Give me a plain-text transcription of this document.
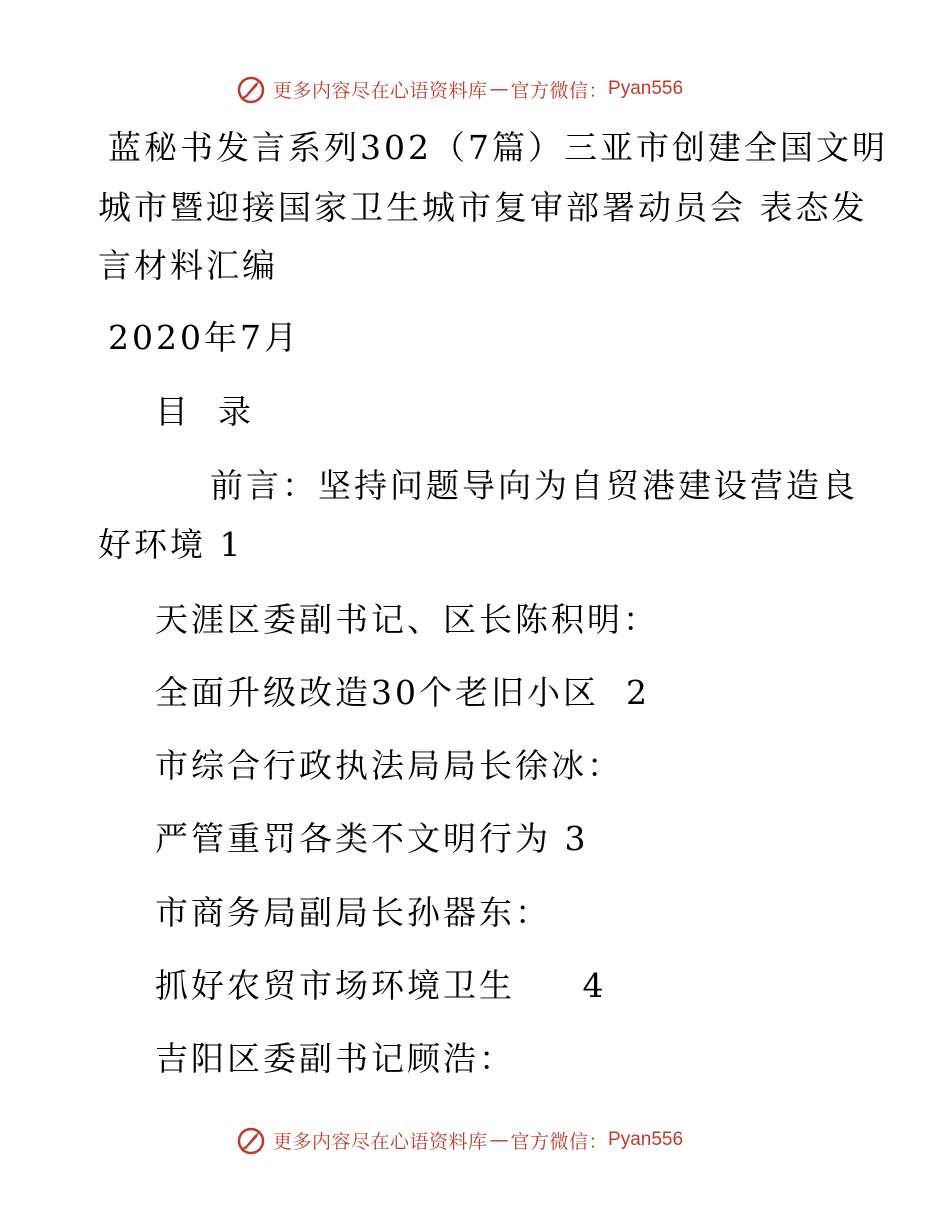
更多内容尽在心语资料库 — 官方微信： Pyan556
蓝秘书发言系列302（7篇）三亚市创建全国文明
城市暨迎接国家卫生城市复审部署动员会 表态发
言材料汇编
2020年7月
目  录
前言：坚持问题导向为自贸港建设营造良
好环境 1
天涯区委副书记、区长陈积明：
全面升级改造30个老旧小区  2
市综合行政执法局局长徐冰：
严管重罚各类不文明行为 3
市商务局副局长孙器东：
抓好农贸市场环境卫生     4
吉阳区委副书记顾浩：
更多内容尽在心语资料库 — 官方微信： Pyan556
